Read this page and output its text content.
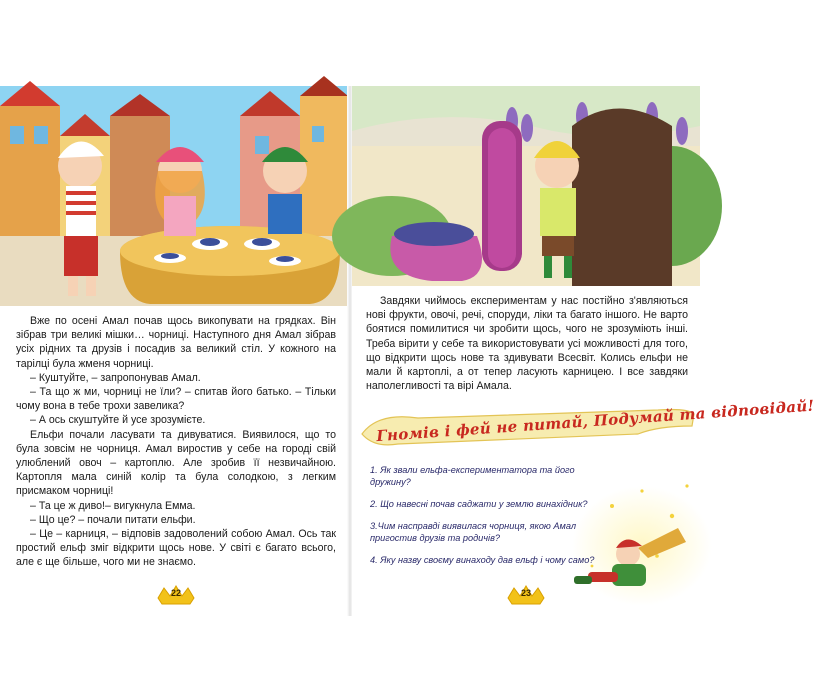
Вже по осені Амал почав щось викопувати на грядках. Він зібрав три великі мішки… чорниці. Наступного дня Амал зібрав усіх рідних та друзів і посадив за великий стіл. У кожного на тарілці була жменя чорниці.

– Куштуйте, – запропонував Амал.

– Та що ж ми, чорниці не їли? – спитав його батько. – Тільки чому вона в тебе трохи завелика?

– А ось скуштуйте й усе зрозумієте.

Ельфи почали ласувати та дивуватися. Виявилося, що то була зовсім не чорниця. Амал виростив у себе на городі свій улюблений овоч – картоплю. Але зробив її незвичайною. Картопля мала синій колір та була солодкою, з легким присмаком чорниці!

– Та це ж диво!– вигукнула Емма.

– Що це? – почали питати ельфи.

– Це – карниця, – відповів задоволений собою Амал. Ось так простий ельф зміг відкрити щось нове. У світі є багато всього, але є ще більше, чого ми не знаємо.

22

Завдяки чиймось експериментам у нас постійно з'являються нові фрукти, овочі, речі, споруди, ліки та багато іншого. Не варто боятися помилитися чи зробити щось, чого не зрозуміють інші. Треба вірити у себе та використовувати усі можливості для того, що відкрити щось нове та здивувати Всесвіт. Колись ельфи не мали й картоплі, а от тепер ласують карницею. І все завдяки наполегливості та вірі Амала.

Гномів і фей не питай, Подумай та відповідай!
1. Як звали ельфа-експериментатора та його дружину?
2. Що навесні почав саджати у землю винахідник?
3.Чим насправді виявилася чорниця, якою Амал пригостив друзів та родичів?
4. Яку назву своєму винаходу дав ельф і чому само?
23
